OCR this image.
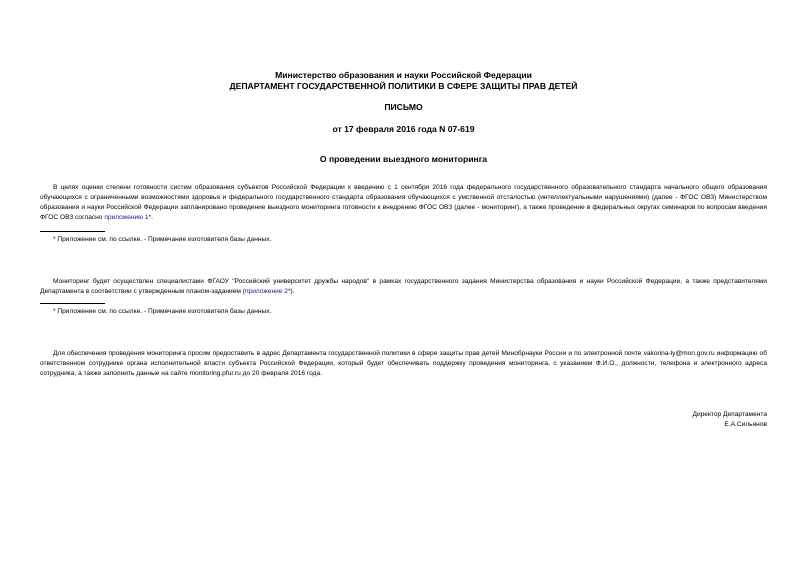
Министерство образования и науки Российской Федерации
ДЕПАРТАМЕНТ ГОСУДАРСТВЕННОЙ ПОЛИТИКИ В СФЕРЕ ЗАЩИТЫ ПРАВ ДЕТЕЙ
ПИСЬМО
от 17 февраля 2016 года N 07-619
О проведении выездного мониторинга
В целях оценки степени готовности систем образования субъектов Российской Федерации к введению с 1 сентября 2016 года федерального государственного образовательного стандарта начального общего образования обучающихся с ограниченными возможностями здоровья и федерального государственного стандарта образования обучающихся с умственной отсталостью (интеллектуальными нарушениями) (далее - ФГОС ОВЗ) Министерством образования и науки Российской Федерации запланировано проведение выездного мониторинга готовности к внедрению ФГОС ОВЗ (далее - мониторинг), а также проведение в федеральных округах семинаров по вопросам введения ФГОС ОВЗ согласно приложению 1*.
* Приложение см. по ссылке. - Примечание изготовителя базы данных.
Мониторинг будет осуществлен специалистами ФГАОУ "Российский университет дружбы народов" в рамках государственного задания Министерства образования и науки Российской Федерации, а также представителями Департамента в соответствии с утвержденным планом-заданием (приложение 2*).
* Приложение см. по ссылке. - Примечание изготовителя базы данных.
Для обеспечения проведения мониторинга просим предоставить в адрес Департамента государственной политики в сфере защиты прав детей Минобрнауки России и по электронной почте vakorina-ly@mon.gov.ru информацию об ответственном сотруднике органа исполнительной власти субъекта Российской Федерации, который будет обеспечивать поддержку проведения мониторинга, с указанием Ф.И.О., должности, телефона и электронного адреса сотрудника, а также заполнить данные на сайте monitoring.pfur.ru до 20 февраля 2016 года.
Директор Департамента
Е.А.Сильянов
